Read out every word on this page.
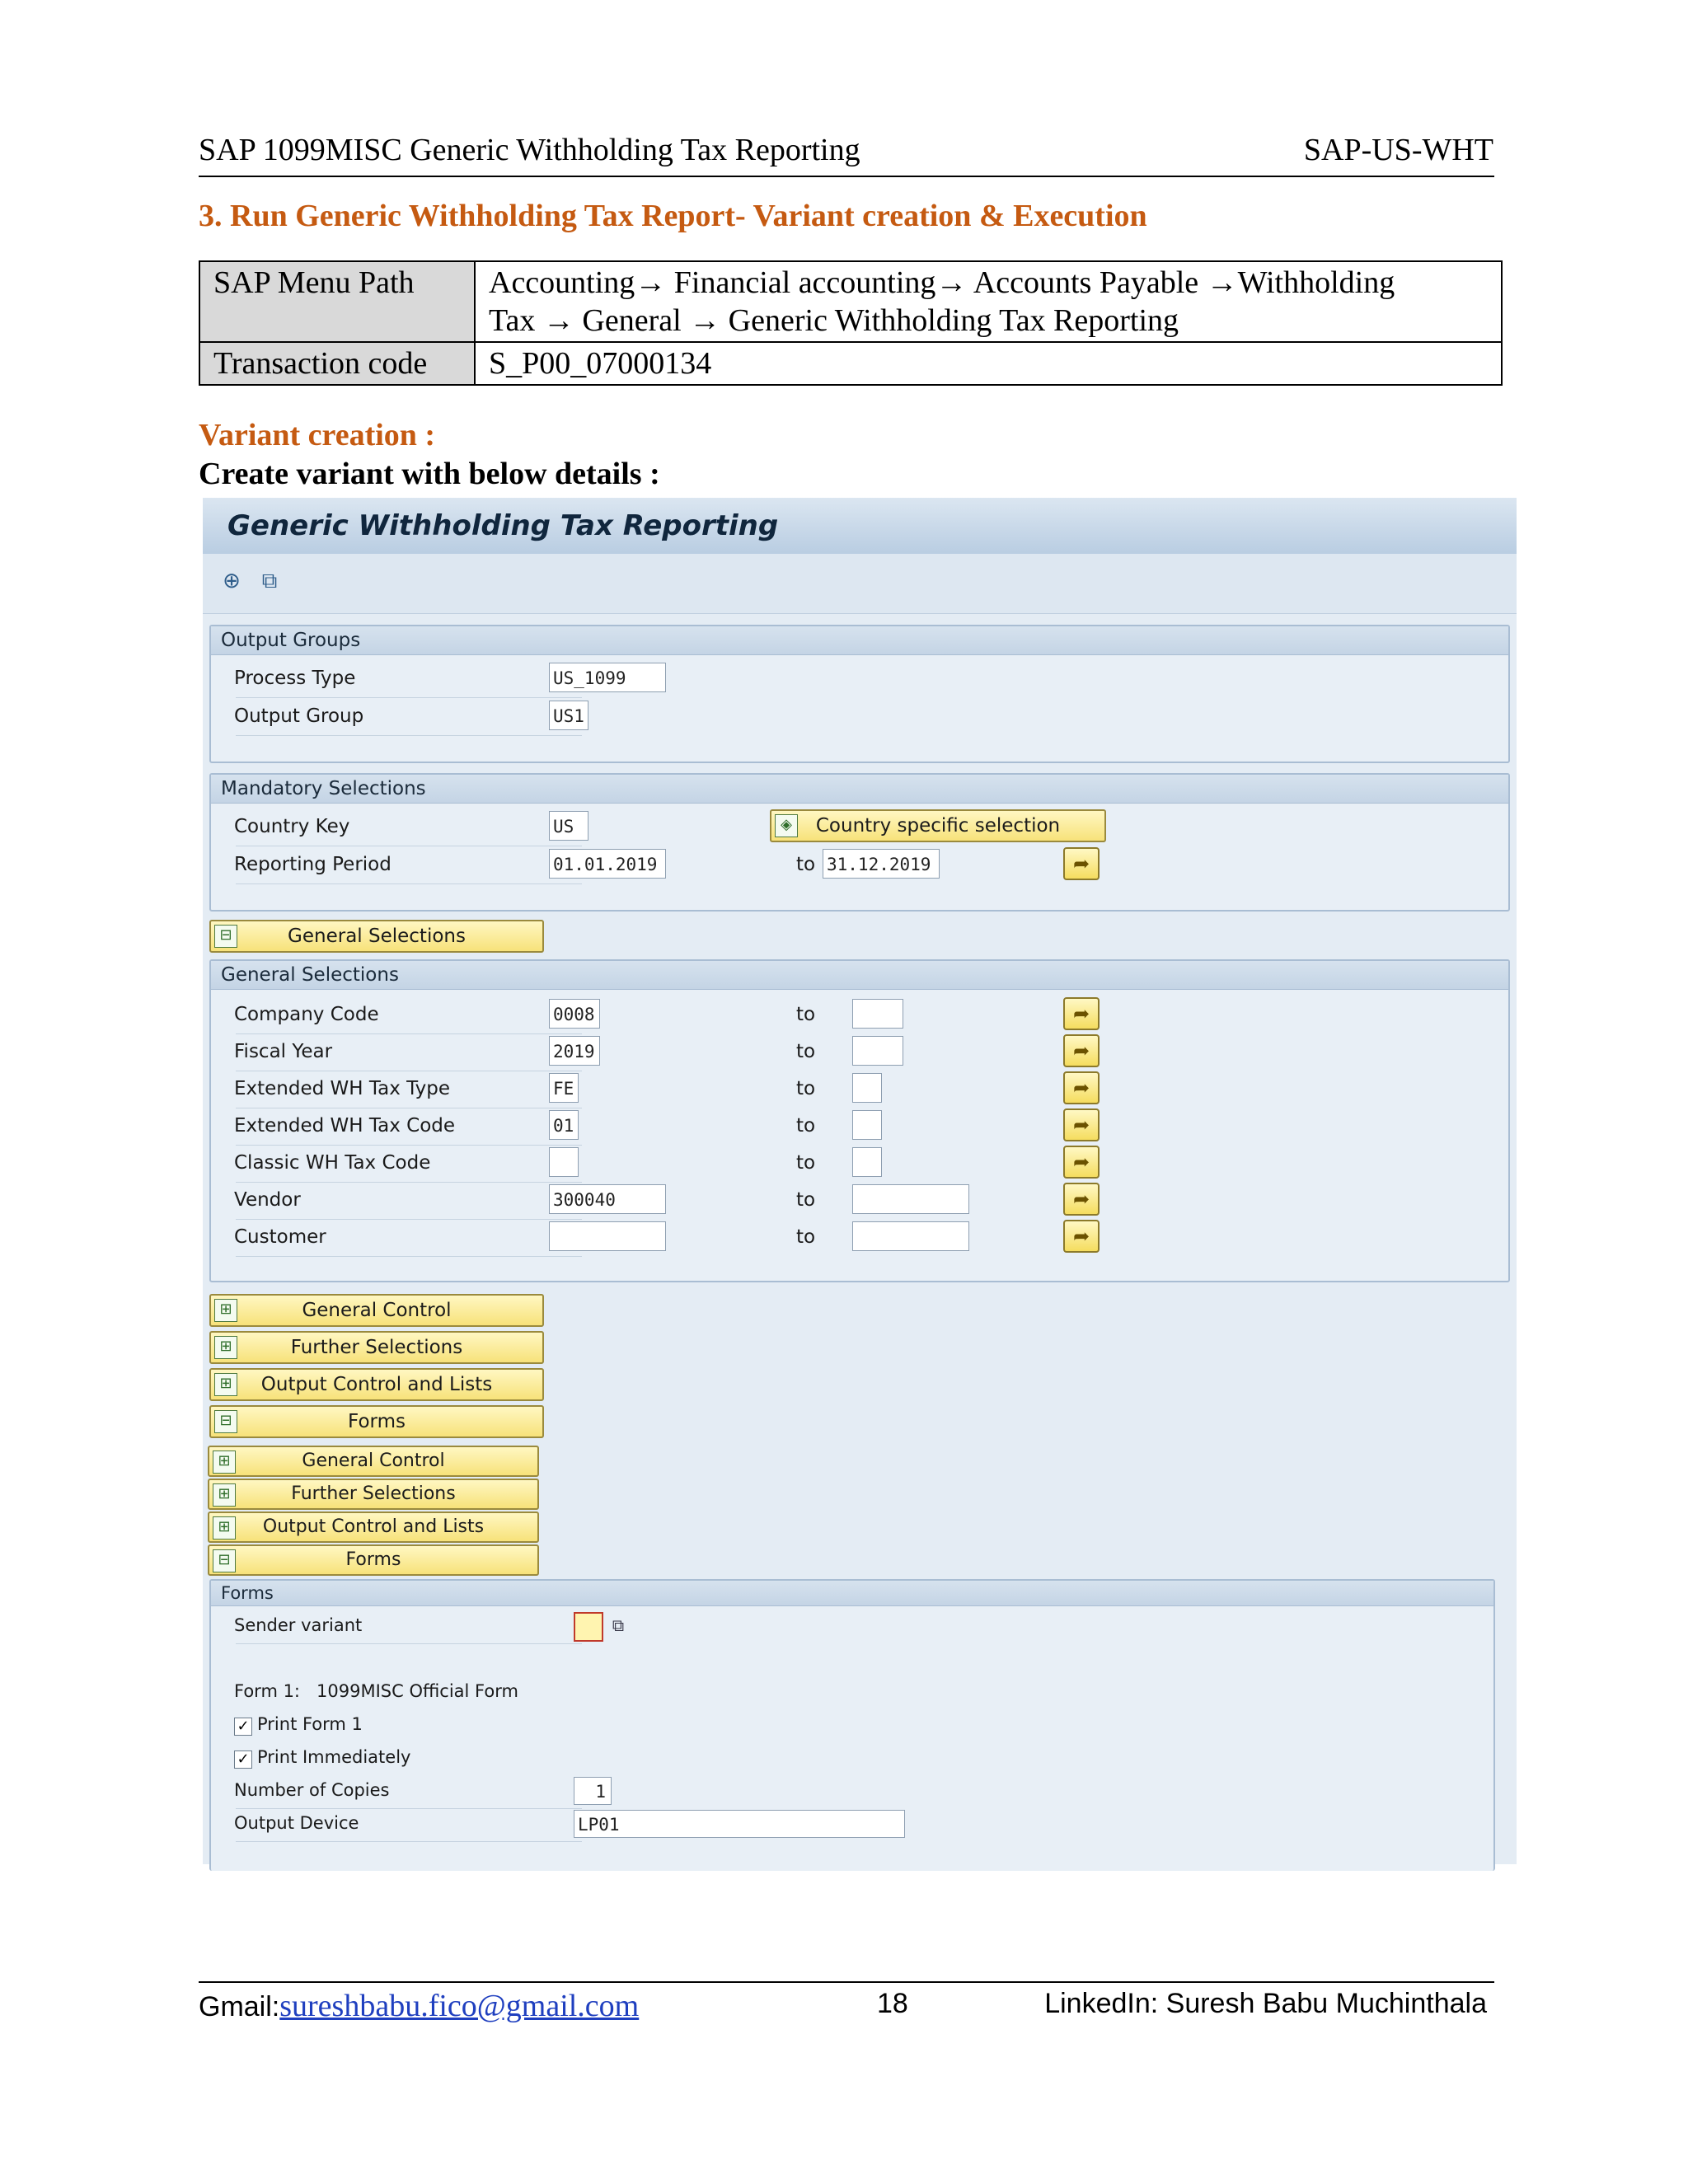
SAP 1099MISC Generic Withholding Tax Reporting	SAP-US-WHT
3. Run Generic Withholding Tax Report- Variant creation & Execution
SAP Menu Path	Accounting→ Financial accounting→ Accounts Payable →Withholding
Tax → General → Generic Withholding Tax Reporting

Transaction code	S_P00_07000134
Variant creation :
Create variant with below details :
Generic Withholding Tax Reporting
⊕ ⧉
Output Groups
Process Type	US_1099
Output Group	US1
Mandatory Selections
Country Key	US	◈	Country specific selection
Reporting Period	01.01.2019	to 31.12.2019	➦
⊟	General Selections
General Selections
Company Code	0008	to	➦
Fiscal Year	2019	to	➦
Extended WH Tax Type	FE	to	➦
Extended WH Tax Code	01	to	➦
Classic WH Tax Code	to	➦
Vendor	300040	to	➦
Customer	to	➦
⊞	General Control
⊞	Further Selections
⊞ Output Control and Lists
⊟	Forms
⊞	General Control
⊞	Further Selections
⊞ Output Control and Lists
⊟	Forms
Forms
Sender variant	⧉
Form 1: 1099MISC Official Form
✓ Print Form 1
✓ Print Immediately
Number of Copies	1
Output Device	LP01
Gmail:sureshbabu.fico@gmail.com	18	LinkedIn: Suresh Babu Muchinthala
